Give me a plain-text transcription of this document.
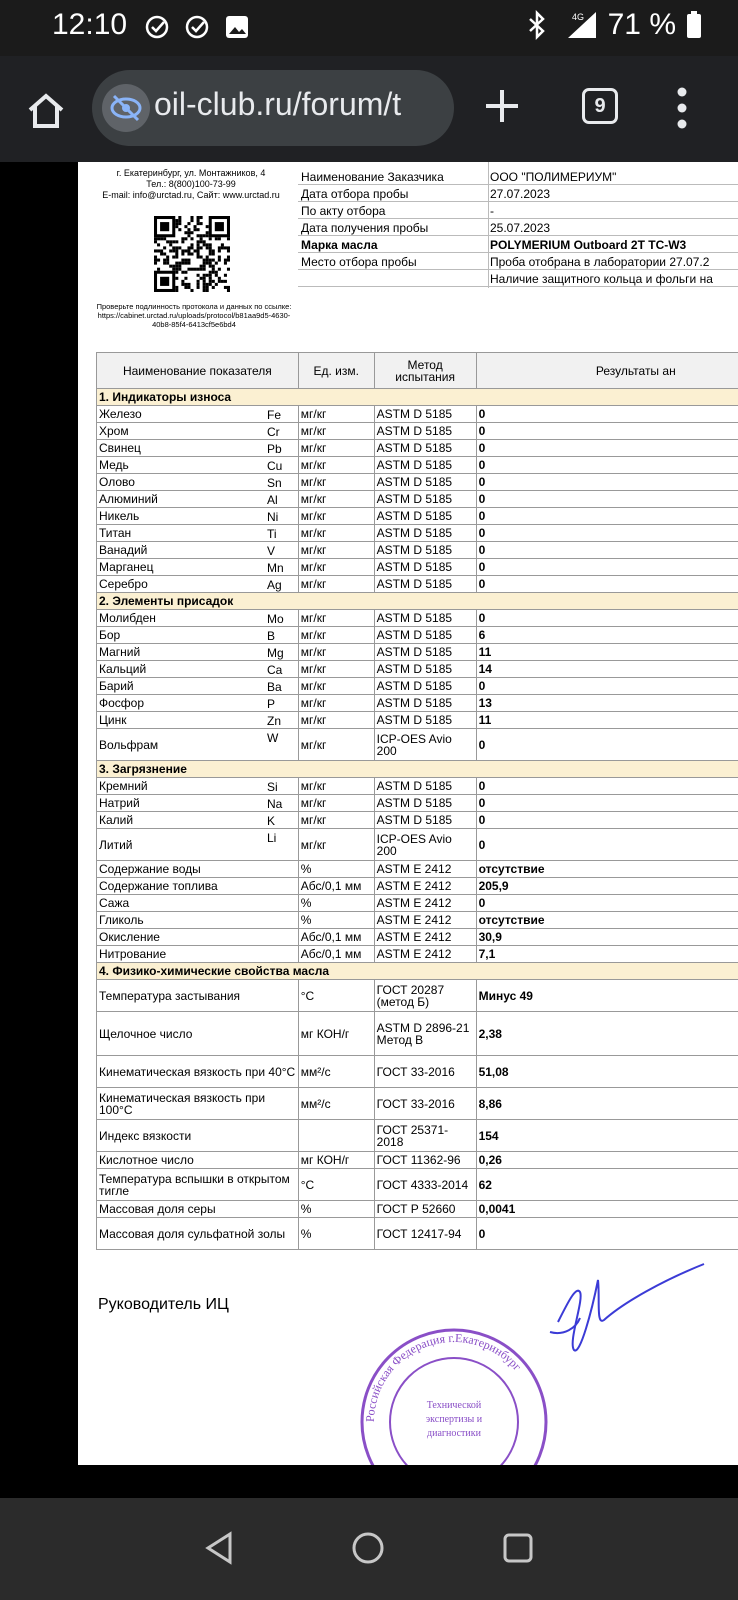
12:10	4G 71 %
oil-club.ru/forum/t	9
г. Екатеринбург, ул. Монтажников, 4
Тел.: 8(800)100-73-99
E-mail: info@urctad.ru, Сайт: www.urctad.ru
Проверьте подлинность протокола и данных по ссылке: https://cabinet.urctad.ru/uploads/protocol/b81aa9d5-4630-40b8-85f4-6413cf5e6bd4
Наименование Заказчика	ООО "ПОЛИМЕРИУМ"
Дата отбора пробы	27.07.2023
По акту отбора	-
Дата получения пробы	25.07.2023
Марка масла	POLYMERIUM Outboard 2T TC-W3
Место отбора пробы	Проба отобрана в лаборатории 27.07.2
Наличие защитного кольца и фольги на
Наименование показателя	Ед. изм.	Метод испытания	Результаты ан
1. Индикаторы износа			
Железо Fe	мг/кг	ASTM D 5185	0
Хром Cr	мг/кг	ASTM D 5185	0
Свинец Pb	мг/кг	ASTM D 5185	0
Медь Cu	мг/кг	ASTM D 5185	0
Олово Sn	мг/кг	ASTM D 5185	0
Алюминий Al	мг/кг	ASTM D 5185	0
Никель Ni	мг/кг	ASTM D 5185	0
Титан Ti	мг/кг	ASTM D 5185	0
Ванадий V	мг/кг	ASTM D 5185	0
Марганец Mn	мг/кг	ASTM D 5185	0
Серебро Ag	мг/кг	ASTM D 5185	0
2. Элементы присадок			
Молибден Mo	мг/кг	ASTM D 5185	0
Бор B	мг/кг	ASTM D 5185	6
Магний Mg	мг/кг	ASTM D 5185	11
Кальций Ca	мг/кг	ASTM D 5185	14
Барий Ba	мг/кг	ASTM D 5185	0
Фосфор P	мг/кг	ASTM D 5185	13
Цинк Zn	мг/кг	ASTM D 5185	11
Вольфрам W	мг/кг	ICP-OES Avio 200	0
3. Загрязнение			
Кремний Si	мг/кг	ASTM D 5185	0
Натрий Na	мг/кг	ASTM D 5185	0
Калий K	мг/кг	ASTM D 5185	0
Литий Li	мг/кг	ICP-OES Avio 200	0
Содержание воды	%	ASTM E 2412	отсутствие
Содержание топлива	Абс/0,1 мм	ASTM E 2412	205,9
Сажа	%	ASTM E 2412	0
Гликоль	%	ASTM E 2412	отсутствие
Окисление	Абс/0,1 мм	ASTM E 2412	30,9
Нитрование	Абс/0,1 мм	ASTM E 2412	7,1
4. Физико-химические свойства масла			
Температура застывания	°С	ГОСТ 20287 (метод Б)	Минус 49
Щелочное число	мг КОН/г	ASTM D 2896-21 Метод B	2,38
Кинематическая вязкость при 40°С	мм²/с	ГОСТ 33-2016	51,08
Кинематическая вязкость при 100°С	мм²/с	ГОСТ 33-2016	8,86
Индекс вязкости		ГОСТ 25371-2018	154
Кислотное число	мг КОН/г	ГОСТ 11362-96	0,26
Температура вспышки в открытом тигле	°С	ГОСТ 4333-2014	62
Массовая доля серы	%	ГОСТ Р 52660	0,0041
Массовая доля сульфатной золы	%	ГОСТ 12417-94	0
Руководитель ИЦ
Российская Федерация г.Екатеринбург
Технической
экспертизы и
диагностики
